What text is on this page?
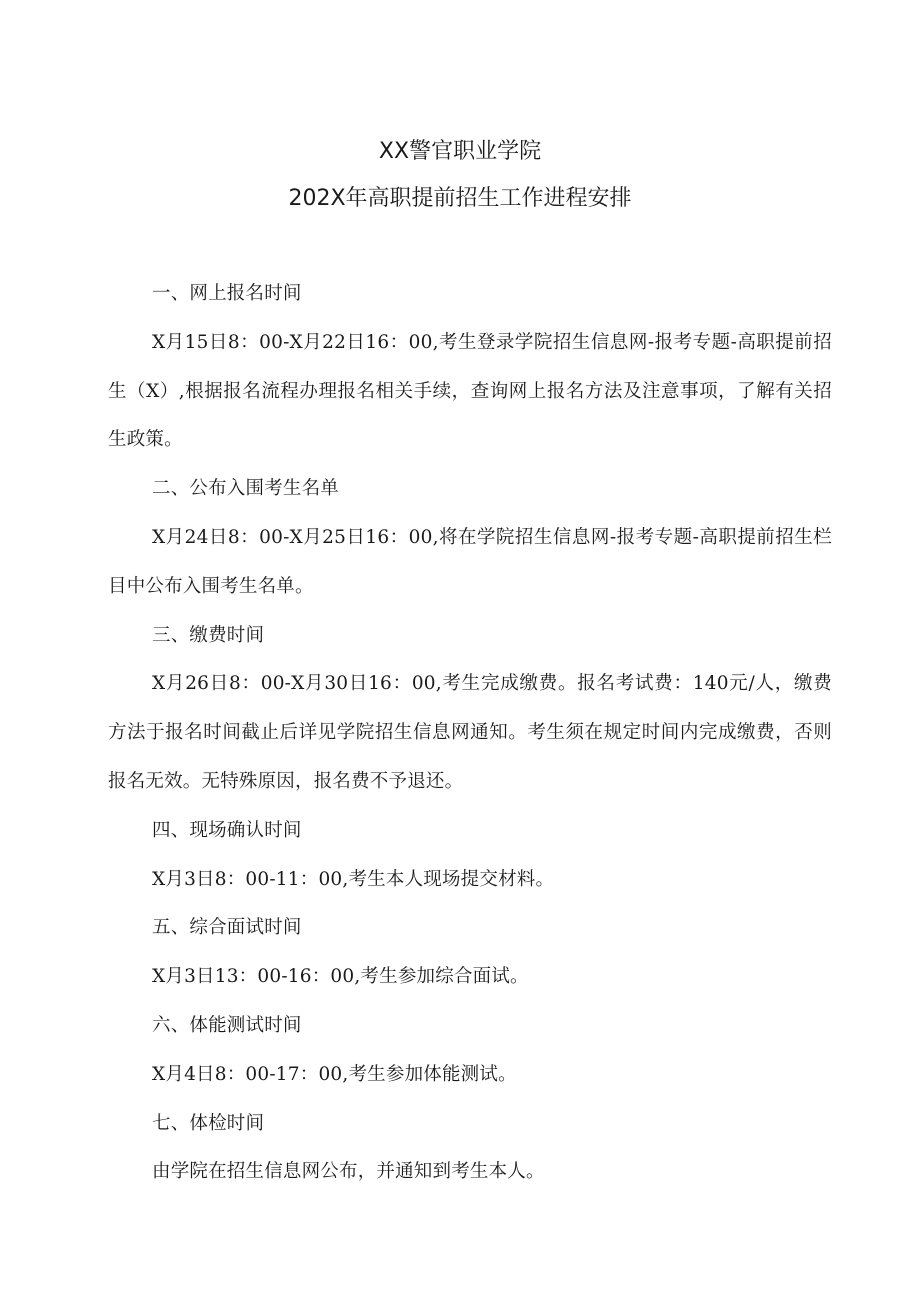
XX警官职业学院
202X年高职提前招生工作进程安排

一、网上报名时间

X月15日8：00-X月22日16：00,考生登录学院招生信息网-报考专题-高职提前招生（X）,根据报名流程办理报名相关手续，查询网上报名方法及注意事项，了解有关招生政策。

二、公布入围考生名单

X月24日8：00-X月25日16：00,将在学院招生信息网-报考专题-高职提前招生栏目中公布入围考生名单。

三、缴费时间

X月26日8：00-X月30日16：00,考生完成缴费。报名考试费：140元/人，缴费方法于报名时间截止后详见学院招生信息网通知。考生须在规定时间内完成缴费，否则报名无效。无特殊原因，报名费不予退还。

四、现场确认时间

X月3日8：00-11：00,考生本人现场提交材料。

五、综合面试时间

X月3日13：00-16：00,考生参加综合面试。

六、体能测试时间

X月4日8：00-17：00,考生参加体能测试。

七、体检时间

由学院在招生信息网公布，并通知到考生本人。
